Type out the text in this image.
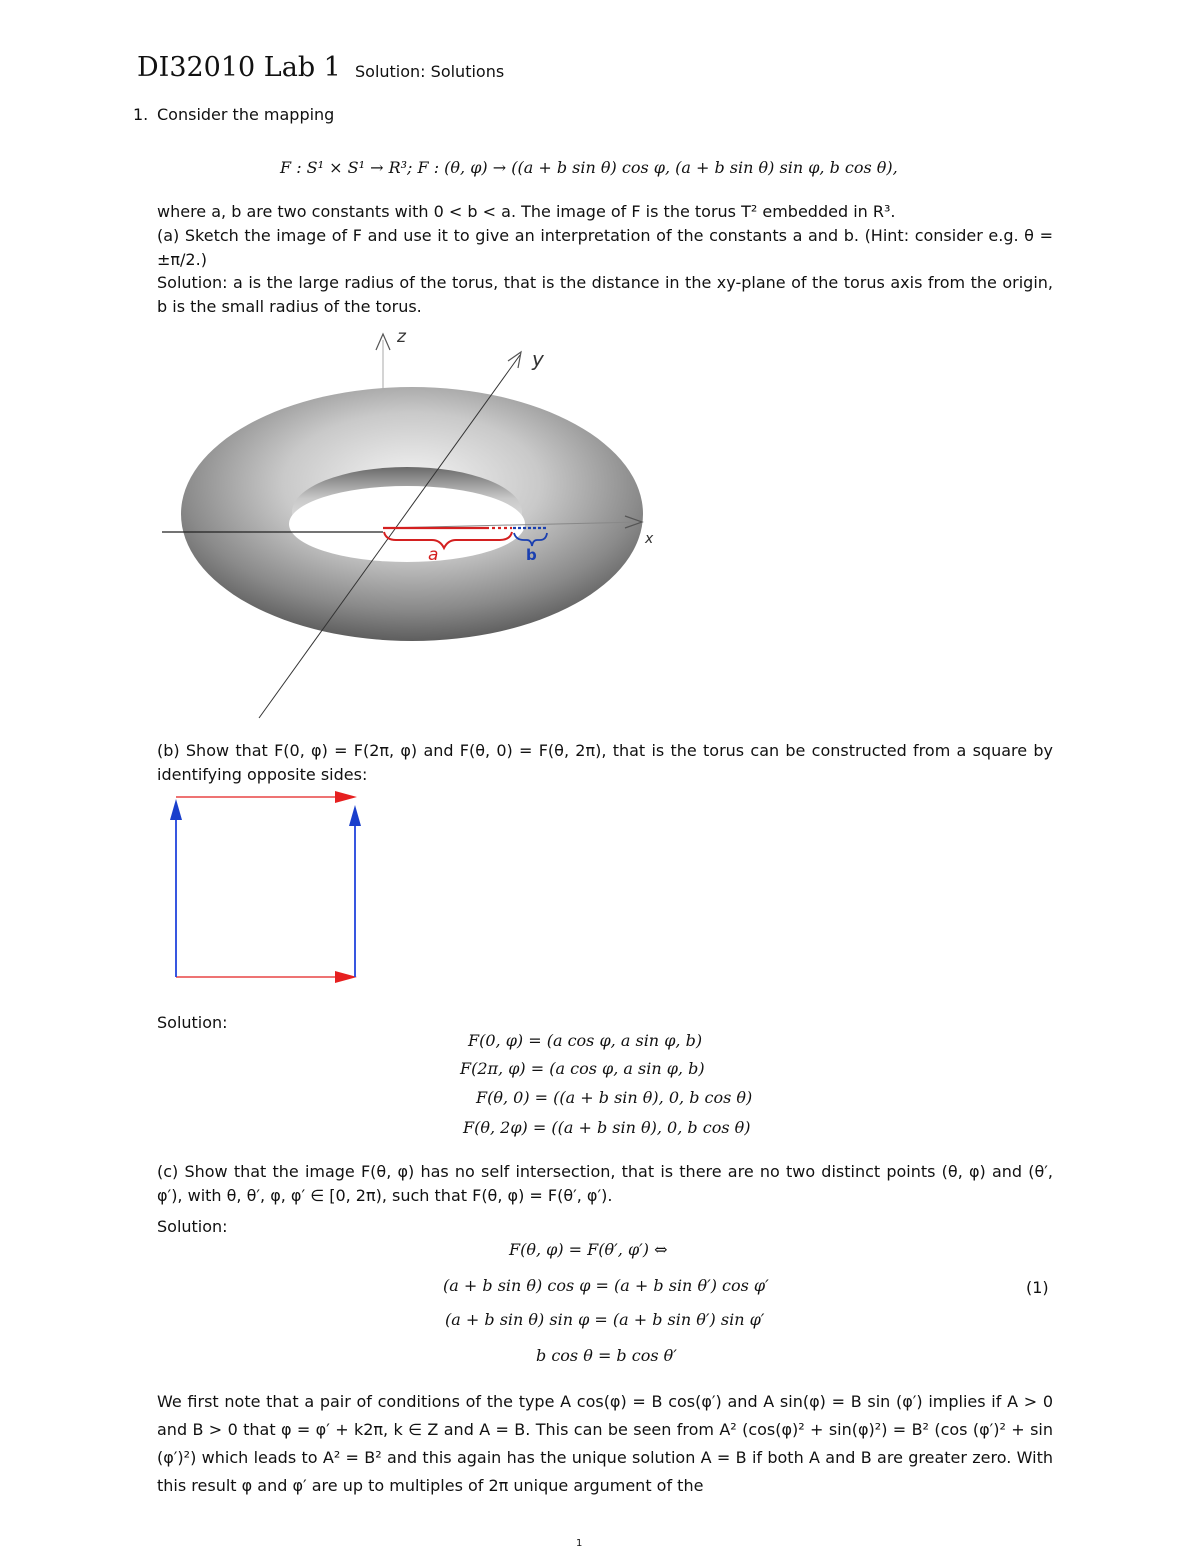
DI32010 Lab 1 Solution: Solutions
1. Consider the mapping
F : S¹ × S¹ → R³; F : (θ, φ) → ((a + b sin θ) cos φ, (a + b sin θ) sin φ, b cos θ),
where a, b are two constants with 0 < b < a. The image of F is the torus T² embedded in R³.
(a) Sketch the image of F and use it to give an interpretation of the constants a and b. (Hint: consider e.g. θ = ±π/2.)
Solution: a is the large radius of the torus, that is the distance in the xy-plane of the torus axis from the origin, b is the small radius of the torus.
z
x
y
a	b
(b) Show that F(0, φ) = F(2π, φ) and F(θ, 0) = F(θ, 2π), that is the torus can be constructed from a square by identifying opposite sides:
Solution:
F(0, φ) = (a cos φ, a sin φ, b)
F(2π, φ) = (a cos φ, a sin φ, b)
F(θ, 0) = ((a + b sin θ), 0, b cos θ)
F(θ, 2φ) = ((a + b sin θ), 0, b cos θ)
(c) Show that the image F(θ, φ) has no self intersection, that is there are no two distinct points (θ, φ) and (θ′, φ′), with θ, θ′, φ, φ′ ∈ [0, 2π), such that F(θ, φ) = F(θ′, φ′).
Solution:
F(θ, φ) = F(θ′, φ′) ⇔
(a + b sin θ) cos φ = (a + b sin θ′) cos φ′
(a + b sin θ) sin φ = (a + b sin θ′) sin φ′
b cos θ = b cos θ′
(1)
We first note that a pair of conditions of the type A cos(φ) = B cos(φ′) and A sin(φ) = B sin (φ′) implies if A > 0 and B > 0 that φ = φ′ + k2π, k ∈ Z and A = B. This can be seen from A² (cos(φ)² + sin(φ)²) = B² (cos (φ′)² + sin (φ′)²) which leads to A² = B² and this again has the unique solution A = B if both A and B are greater zero. With this result φ and φ′ are up to multiples of 2π unique argument of the
1
